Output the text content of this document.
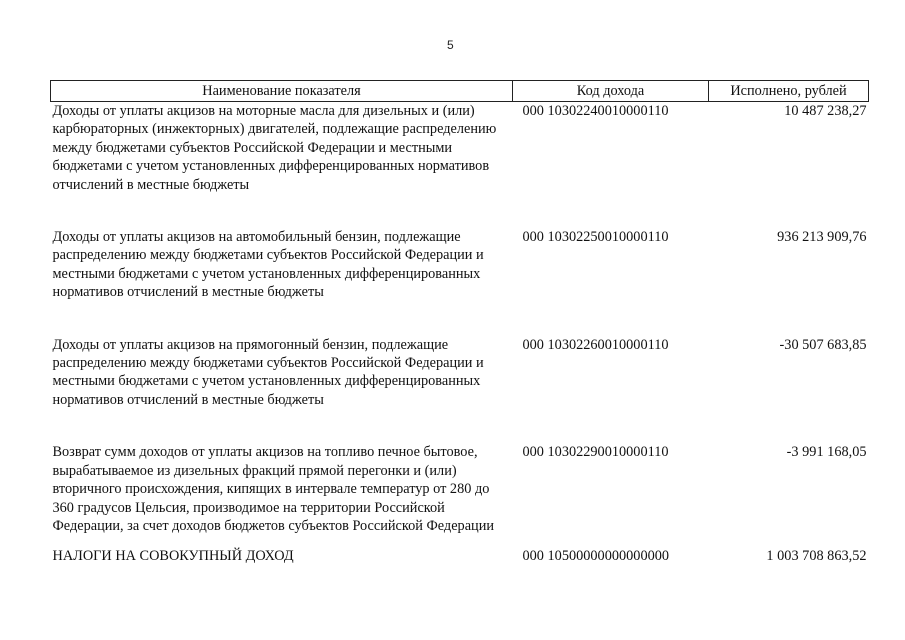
5
Наименование показателя	Код дохода	Исполнено, рублей
Доходы от уплаты акцизов на моторные масла для дизельных и (или) карбюраторных (инжекторных) двигателей, подлежащие распределению между бюджетами субъектов Российской Федерации и местными бюджетами с учетом установленных дифференцированных нормативов отчислений в местные бюджеты	000 10302240010000110	10 487 238,27
Доходы от уплаты акцизов на автомобильный бензин, подлежащие распределению между бюджетами субъектов Российской Федерации и местными бюджетами с учетом установленных дифференцированных нормативов отчислений в местные бюджеты	000 10302250010000110	936 213 909,76
Доходы от уплаты акцизов на прямогонный бензин, подлежащие распределению между бюджетами субъектов Российской Федерации и местными бюджетами с учетом установленных дифференцированных нормативов отчислений в местные бюджеты	000 10302260010000110	-30 507 683,85
Возврат сумм доходов от уплаты акцизов на топливо печное бытовое, вырабатываемое из дизельных фракций прямой перегонки и (или) вторичного происхождения, кипящих в интервале температур от 280 до 360 градусов Цельсия, производимое на территории Российской Федерации, за счет доходов бюджетов субъектов Российской Федерации	000 10302290010000110	-3 991 168,05
НАЛОГИ НА СОВОКУПНЫЙ ДОХОД	000 10500000000000000	1 003 708 863,52
